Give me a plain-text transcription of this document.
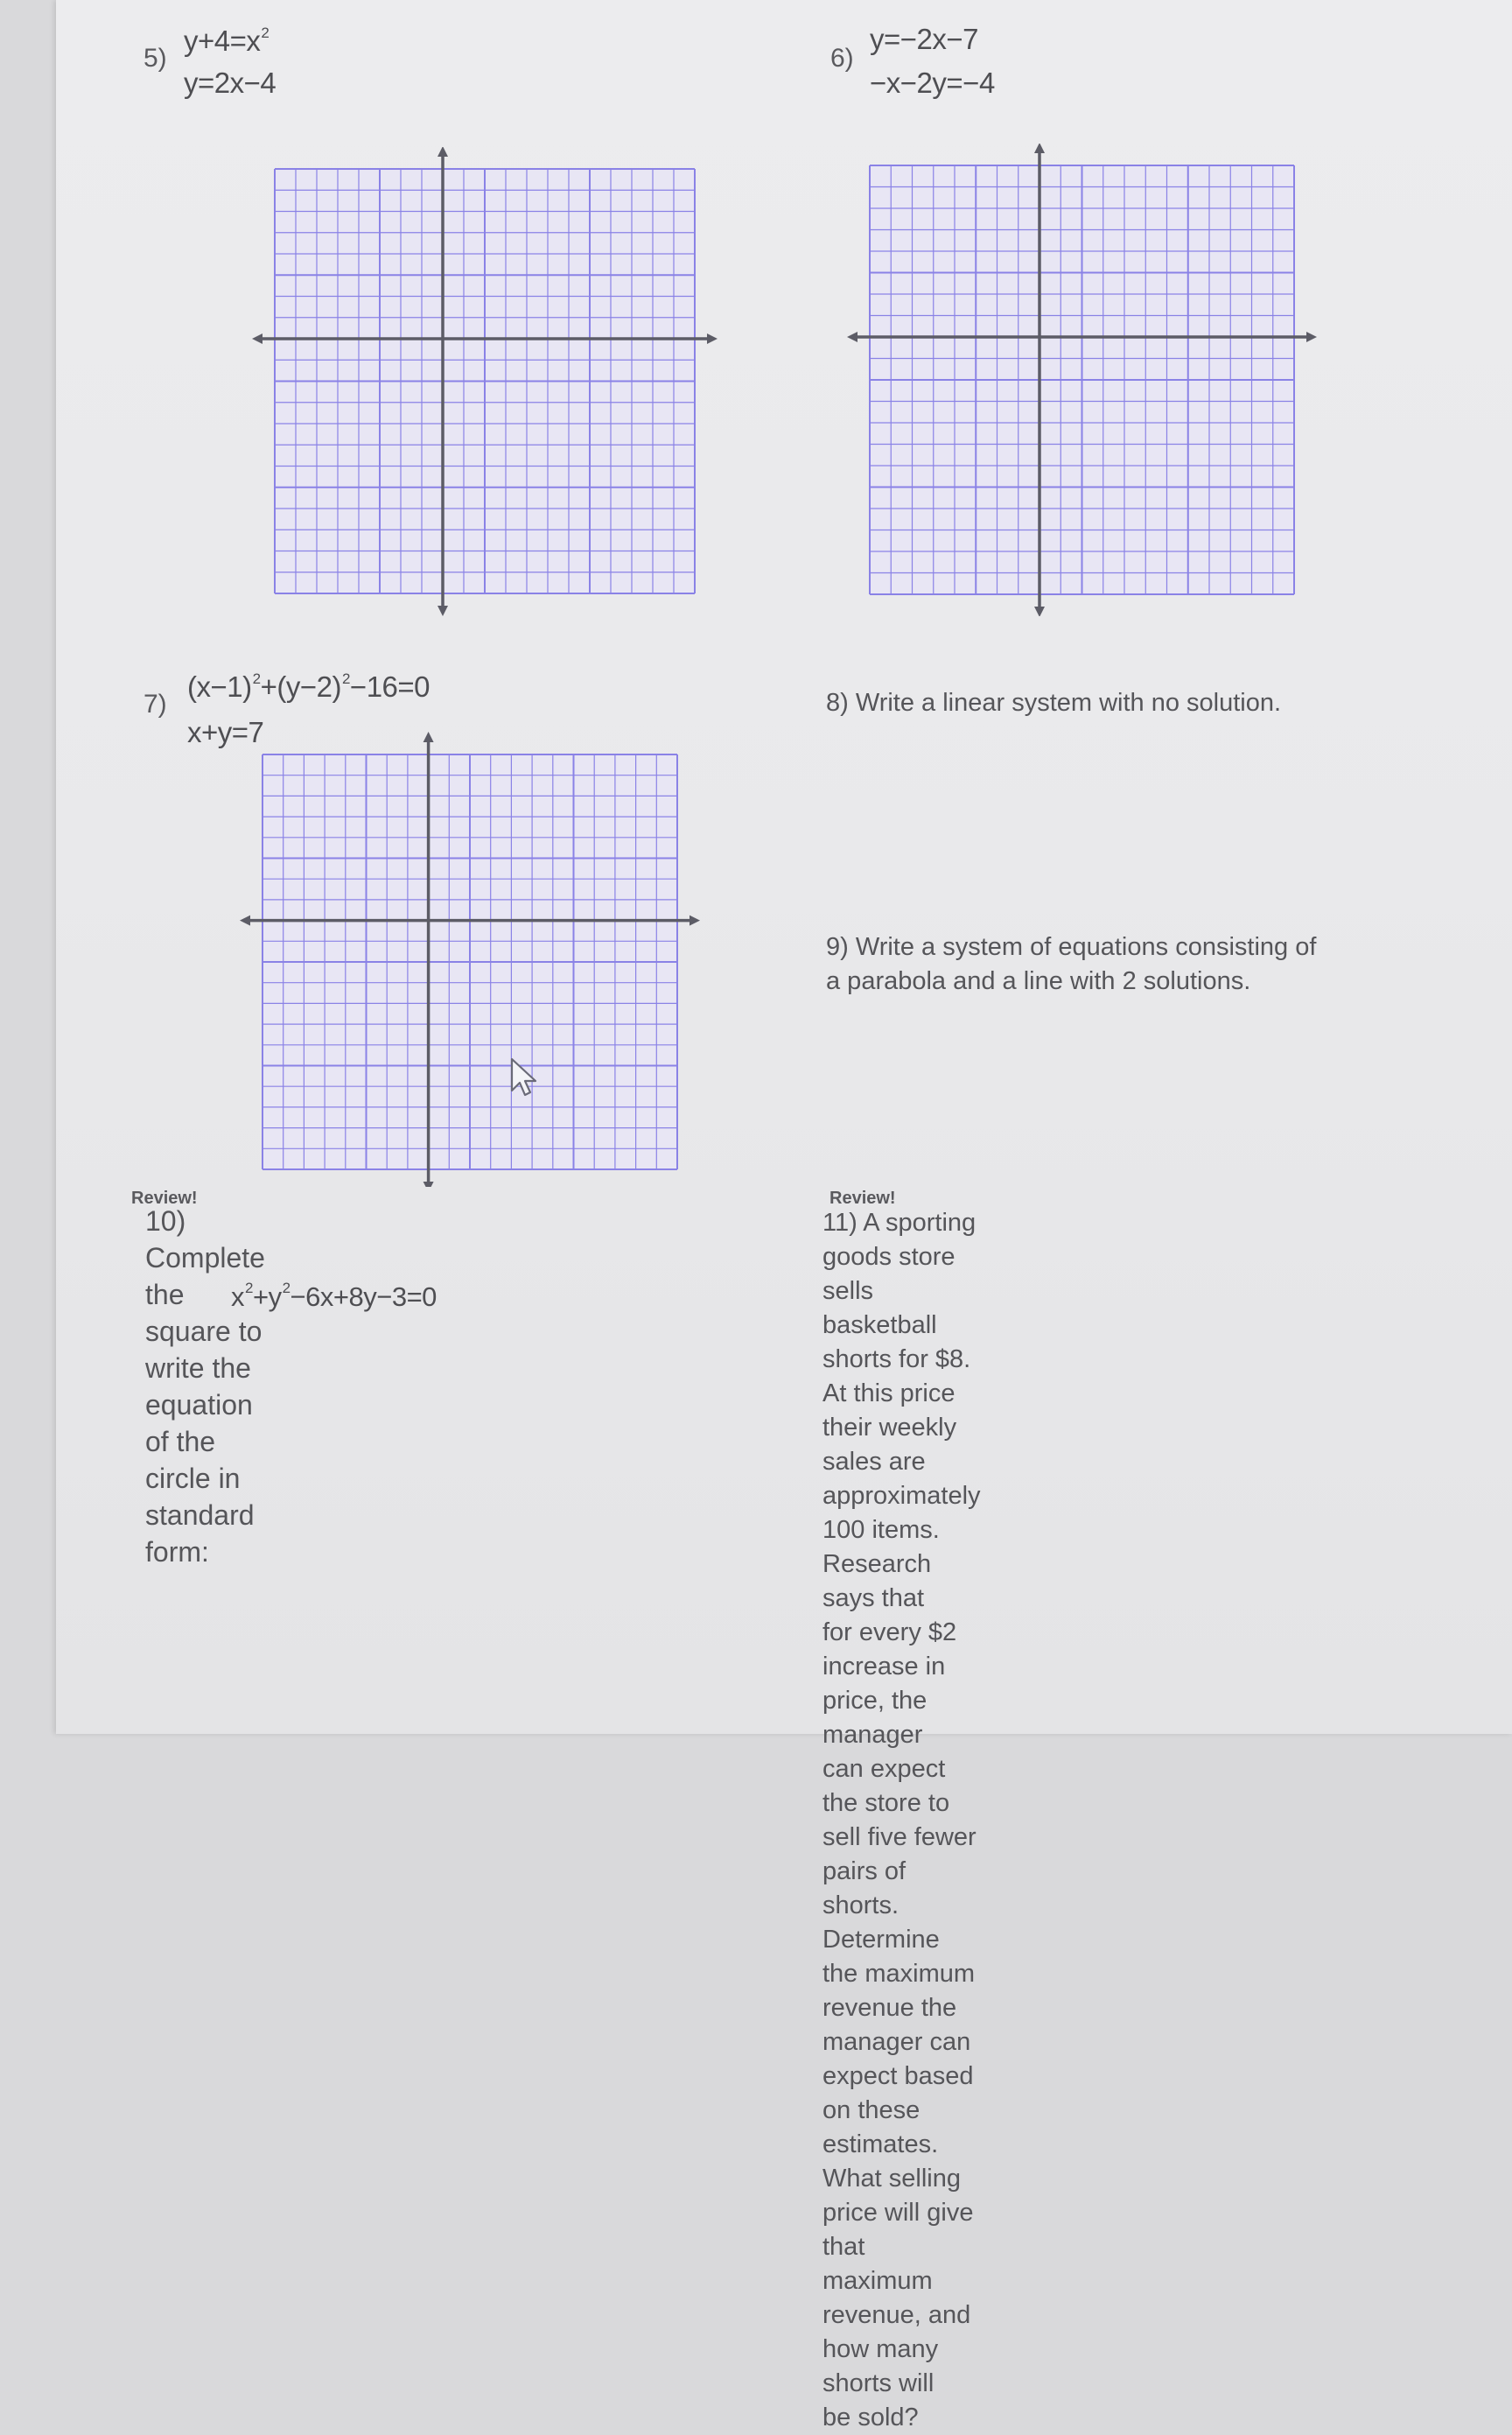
5)
$y+4=x^2$
y=2x−4
6)
y=−2x−7
−x−2y=−4
7)
$(x-1)^2+(y-2)^2-16=0$
x+y=7
8) Write a linear system with no solution.
9) Write a system of equations consisting of
a parabola and a line with 2 solutions.
Review!
10) Complete the square to write the
equation of the circle in standard form:
$x^2+y^2-6x+8y-3=0$
Review!
11) A sporting goods store sells basketball
shorts for $8. At this price their weekly sales are
approximately 100 items. Research says that
for every $2 increase in price, the manager
can expect the store to sell five fewer pairs of
shorts. Determine the maximum revenue the
manager can expect based on these
estimates. What selling price will give that
maximum revenue, and how many shorts will
be sold?
